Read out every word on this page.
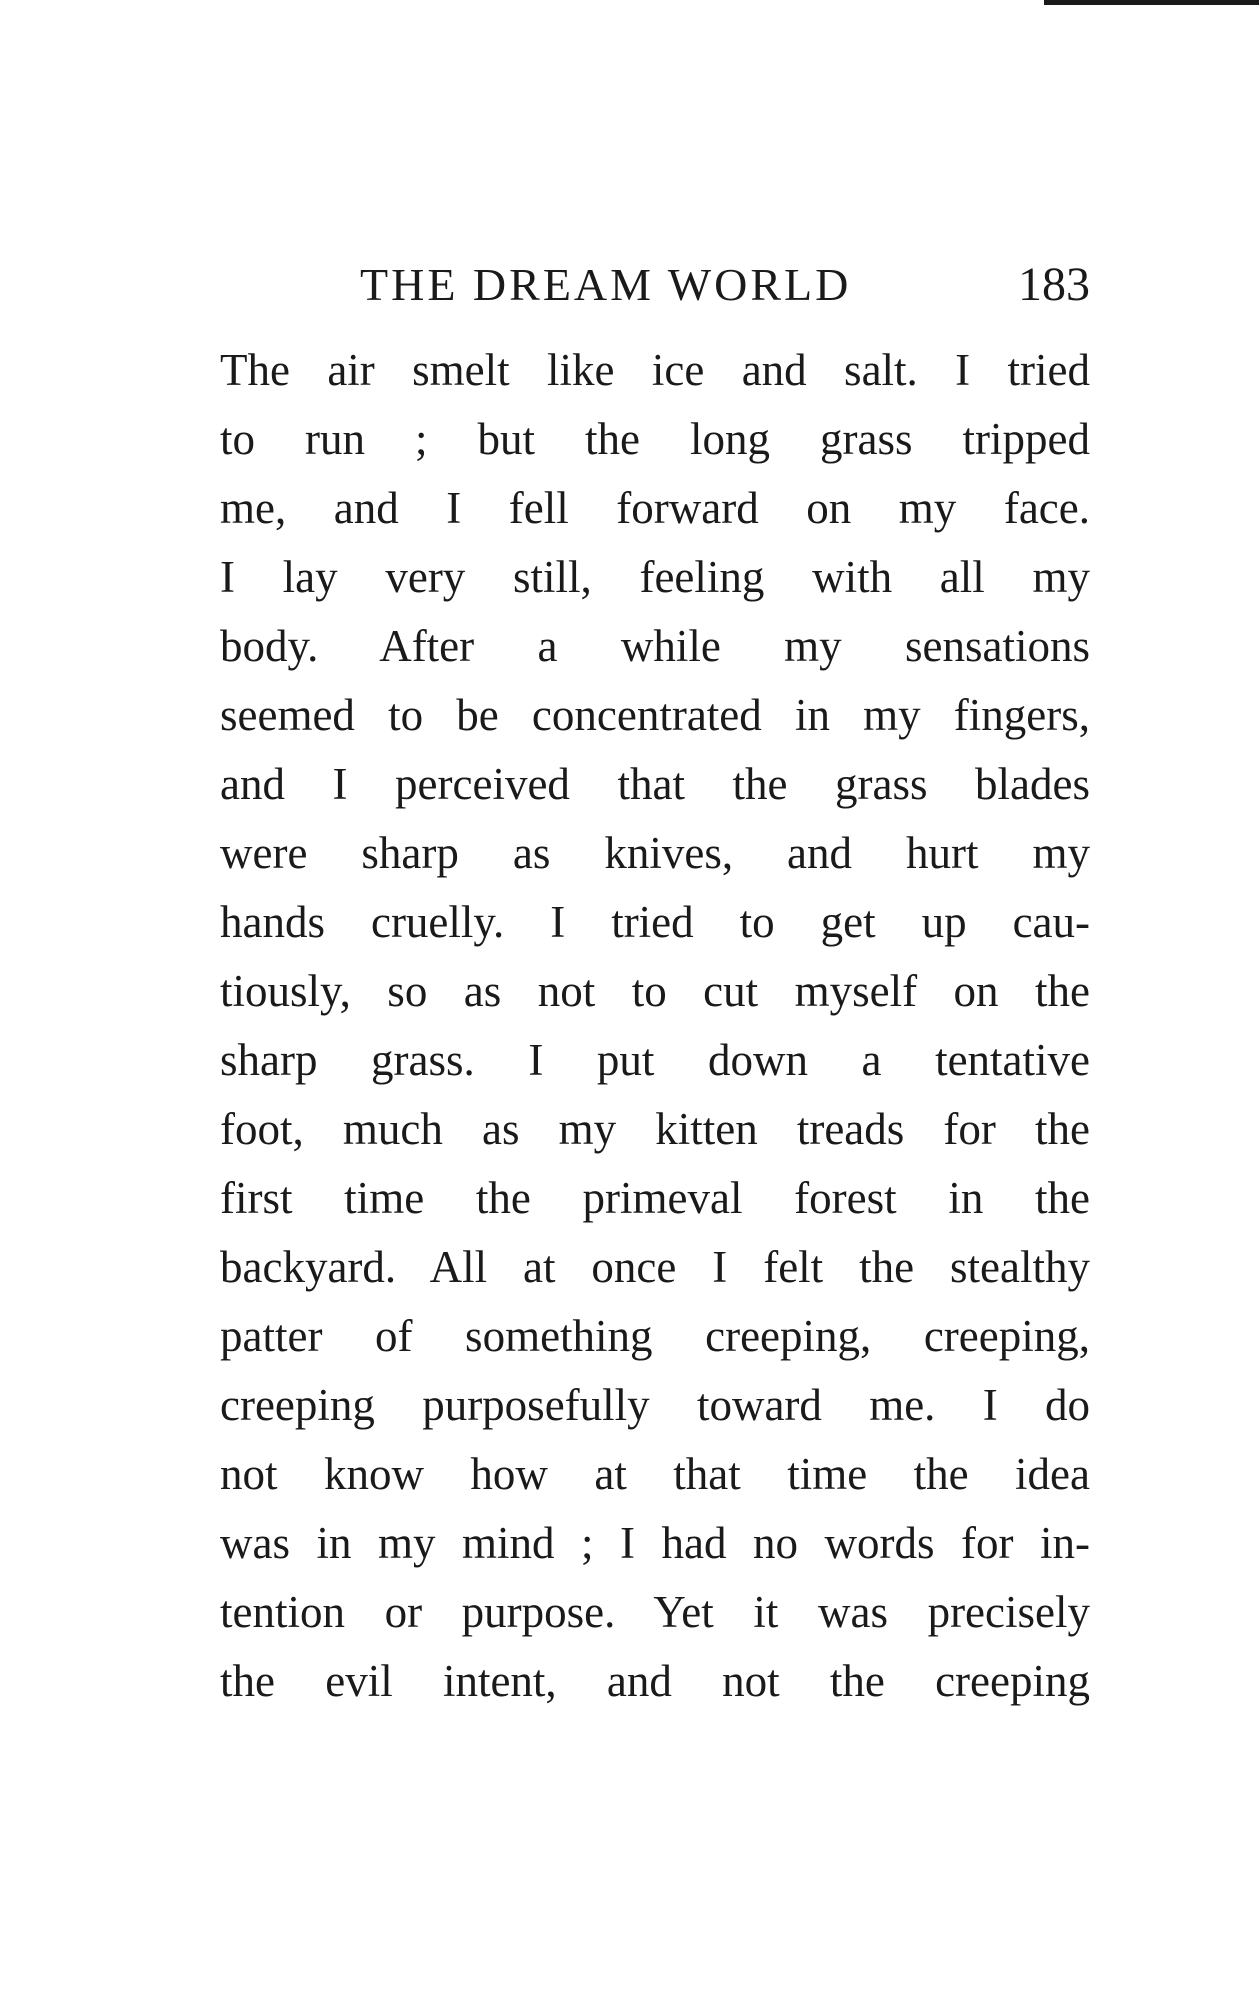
THE DREAM WORLD	183
The air smelt like ice and salt. I tried
to run ; but the long grass tripped
me, and I fell forward on my face.
I lay very still, feeling with all my
body. After a while my sensations
seemed to be concentrated in my fingers,
and I perceived that the grass blades
were sharp as knives, and hurt my
hands cruelly. I tried to get up cau-
tiously, so as not to cut myself on the
sharp grass. I put down a tentative
foot, much as my kitten treads for the
first time the primeval forest in the
backyard. All at once I felt the stealthy
patter of something creeping, creeping,
creeping purposefully toward me. I do
not know how at that time the idea
was in my mind ; I had no words for in-
tention or purpose. Yet it was precisely
the evil intent, and not the creeping
